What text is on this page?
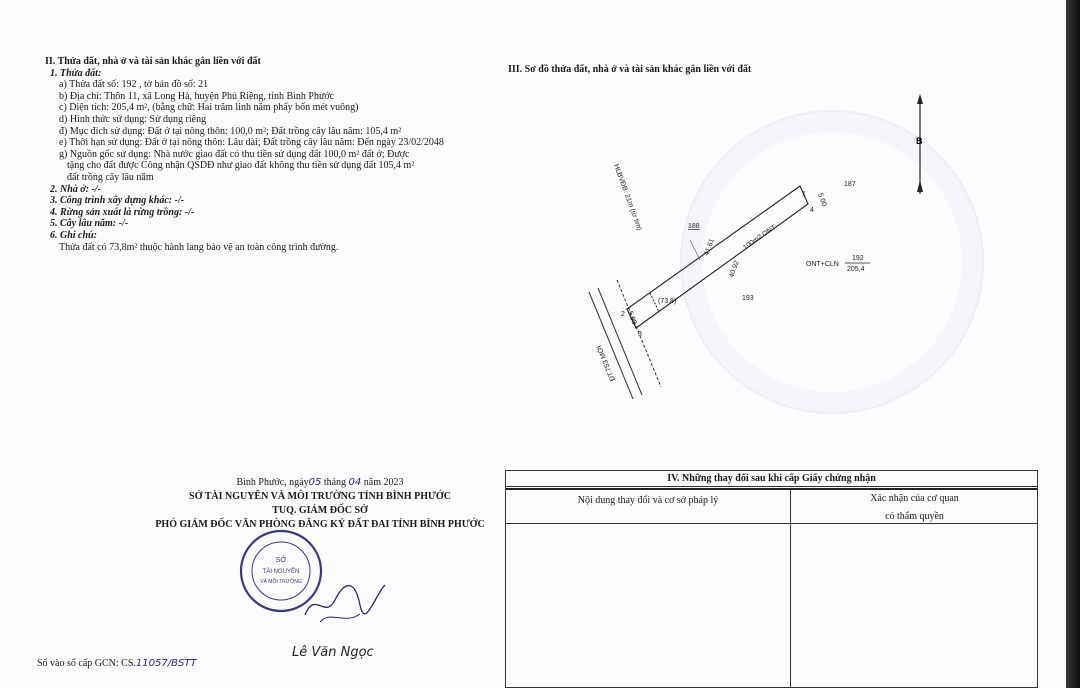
II. Thửa đất, nhà ở và tài sản khác gắn liền với đất
1. Thửa đất:
a) Thửa đất số: 192 , tờ bản đồ số: 21
b) Địa chỉ: Thôn 11, xã Long Hà, huyện Phú Riềng, tỉnh Bình Phước
c) Diện tích: 205,4 m², (bằng chữ: Hai trăm linh năm phẩy bốn mét vuông)
d) Hình thức sử dụng: Sử dụng riêng
đ) Mục đích sử dụng: Đất ở tại nông thôn: 100,0 m²; Đất trồng cây lâu năm: 105,4 m²
e) Thời hạn sử dụng: Đất ở tại nông thôn: Lâu dài; Đất trồng cây lâu năm: Đến ngày 23/02/2048
g) Nguồn gốc sử dụng: Nhà nước giao đất có thu tiền sử dụng đất 100,0 m² đất ở; Được
tặng cho đất được Công nhận QSDĐ như giao đất không thu tiền sử dụng đất 105,4 m²
đất trồng cây lâu năm
2. Nhà ở: -/-
3. Công trình xây dựng khác: -/-
4. Rừng sản xuất là rừng trồng: -/-
5. Cây lâu năm: -/-
6. Ghi chú:
Thửa đất có 73,8m² thuộc hành lang bảo vệ an toàn công trình đường.
III. Sơ đồ thửa đất, nhà ở và tài sản khác gắn liền với đất
B
187
188
193
ONT+CLN
192
205,4
ĐT.753 MỚI
HLBVĐB: 21m (từ tim)
100m2 ONT
41.61
40.92
5.00
5.00
(73,8)
1
2
3
4
Bình Phước, ngày05 tháng 04 năm 2023
SỞ TÀI NGUYÊN VÀ MÔI TRƯỜNG TỈNH BÌNH PHƯỚC
TUQ. GIÁM ĐỐC SỞ
PHÓ GIÁM ĐỐC VĂN PHÒNG ĐĂNG KÝ ĐẤT ĐAI TỈNH BÌNH PHƯỚC
SỞ
TÀI NGUYÊN
VÀ MÔI TRƯỜNG
Lê Văn Ngọc
Số vào sổ cấp GCN: CS.11057/BSTT
IV. Những thay đổi sau khi cấp Giấy chứng nhận
Nội dung thay đổi và cơ sở pháp lý	Xác nhận của cơ quan
có thẩm quyền
